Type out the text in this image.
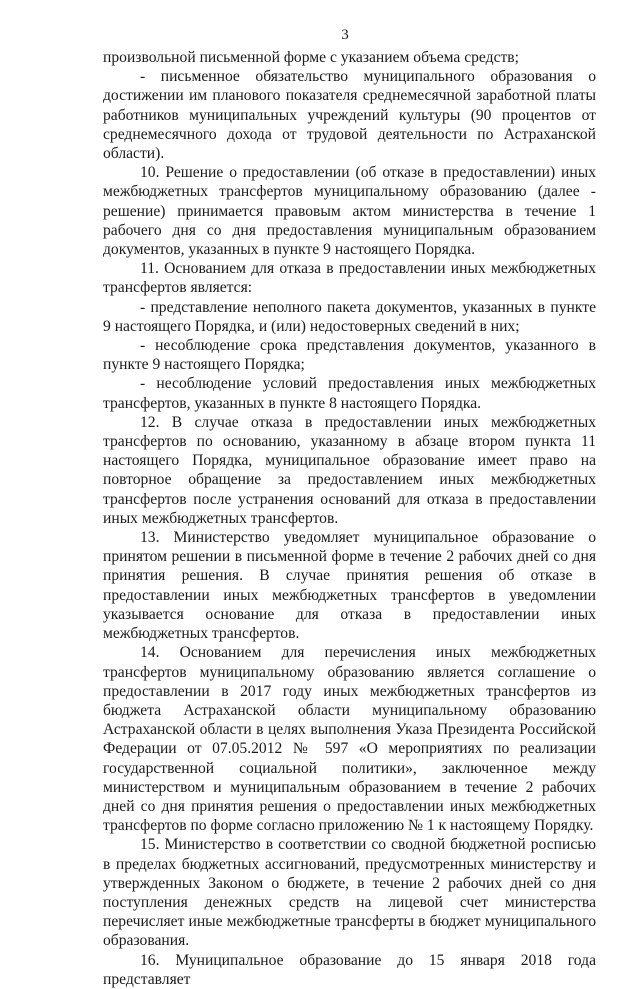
3

произвольной письменной форме с указанием объема средств;

- письменное обязательство муниципального образования о достижении им планового показателя среднемесячной заработной платы работников муниципальных учреждений культуры (90 процентов от среднемесячного дохода от трудовой деятельности по Астраханской области).

10. Решение о предоставлении (об отказе в предоставлении) иных межбюджетных трансфертов муниципальному образованию (далее - решение) принимается правовым актом министерства в течение 1 рабочего дня со дня предоставления муниципальным образованием документов, указанных в пункте 9 настоящего Порядка.

11. Основанием для отказа в предоставлении иных межбюджетных трансфертов является:

- представление неполного пакета документов, указанных в пункте 9 настоящего Порядка, и (или) недостоверных сведений в них;

- несоблюдение срока представления документов, указанного в пункте 9 настоящего Порядка;

- несоблюдение условий предоставления иных межбюджетных трансфертов, указанных в пункте 8 настоящего Порядка.

12. В случае отказа в предоставлении иных межбюджетных трансфертов по основанию, указанному в абзаце втором пункта 11 настоящего Порядка, муниципальное образование имеет право на повторное обращение за предоставлением иных межбюджетных трансфертов после устранения оснований для отказа в предоставлении иных межбюджетных трансфертов.

13. Министерство уведомляет муниципальное образование о принятом решении в письменной форме в течение 2 рабочих дней со дня принятия решения. В случае принятия решения об отказе в предоставлении иных межбюджетных трансфертов в уведомлении указывается основание для отказа в предоставлении иных межбюджетных трансфертов.

14. Основанием для перечисления иных межбюджетных трансфертов муниципальному образованию является соглашение о предоставлении в 2017 году иных межбюджетных трансфертов из бюджета Астраханской области муниципальному образованию Астраханской области в целях выполнения Указа Президента Российской Федерации от 07.05.2012 № 597 «О мероприятиях по реализации государственной социальной политики», заключенное между министерством и муниципальным образованием в течение 2 рабочих дней со дня принятия решения о предоставлении иных межбюджетных трансфертов по форме согласно приложению № 1 к настоящему Порядку.

15. Министерство в соответствии со сводной бюджетной росписью в пределах бюджетных ассигнований, предусмотренных министерству и утвержденных Законом о бюджете, в течение 2 рабочих дней со дня поступления денежных средств на лицевой счет министерства перечисляет иные межбюджетные трансферты в бюджет муниципального образования.

16. Муниципальное образование до 15 января 2018 года представляет
